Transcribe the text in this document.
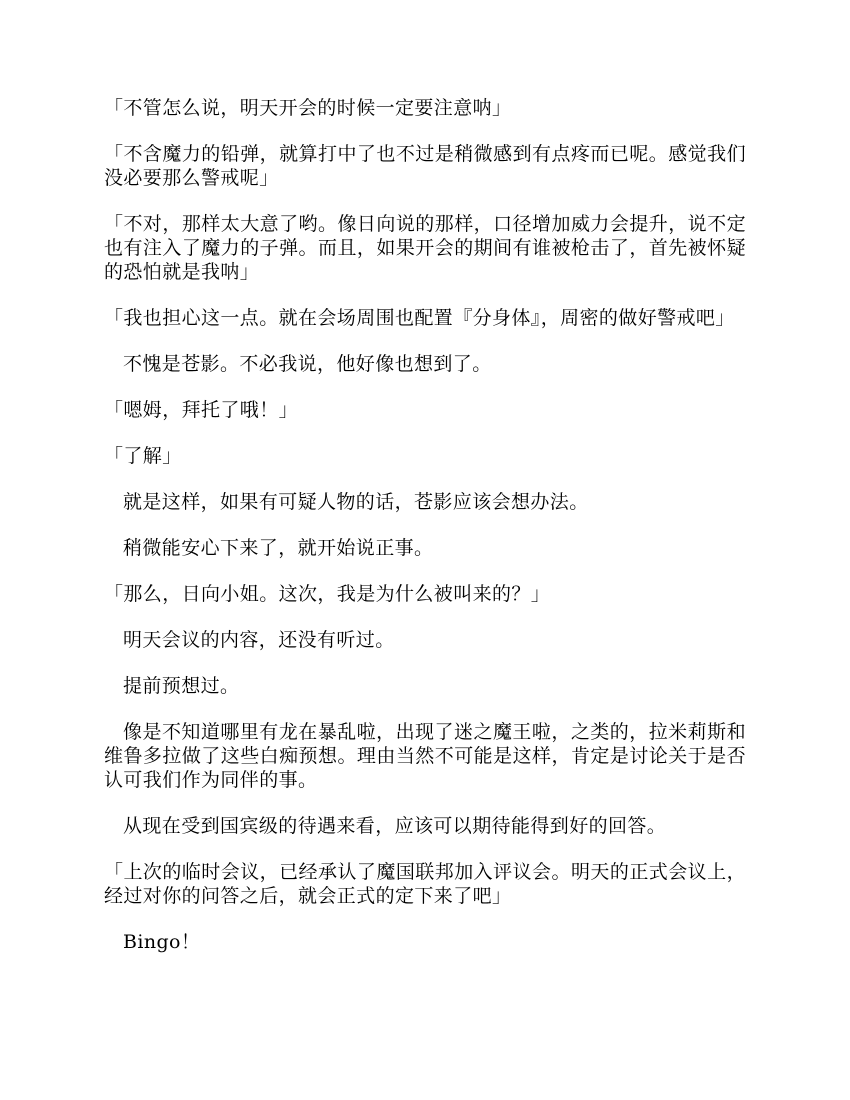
「不管怎么说，明天开会的时候一定要注意呐」

「不含魔力的铅弹，就算打中了也不过是稍微感到有点疼而已呢。感觉我们没必要那么警戒呢」

「不对，那样太大意了哟。像日向说的那样，口径增加威力会提升，说不定也有注入了魔力的子弹。而且，如果开会的期间有谁被枪击了，首先被怀疑的恐怕就是我呐」

「我也担心这一点。就在会场周围也配置『分身体』，周密的做好警戒吧」

不愧是苍影。不必我说，他好像也想到了。

「嗯姆，拜托了哦！」

「了解」

就是这样，如果有可疑人物的话，苍影应该会想办法。

稍微能安心下来了，就开始说正事。

「那么，日向小姐。这次，我是为什么被叫来的？」

明天会议的内容，还没有听过。

提前预想过。

像是不知道哪里有龙在暴乱啦，出现了迷之魔王啦，之类的，拉米莉斯和维鲁多拉做了这些白痴预想。理由当然不可能是这样，肯定是讨论关于是否认可我们作为同伴的事。

从现在受到国宾级的待遇来看，应该可以期待能得到好的回答。

「上次的临时会议，已经承认了魔国联邦加入评议会。明天的正式会议上，经过对你的问答之后，就会正式的定下来了吧」

Bingo！
